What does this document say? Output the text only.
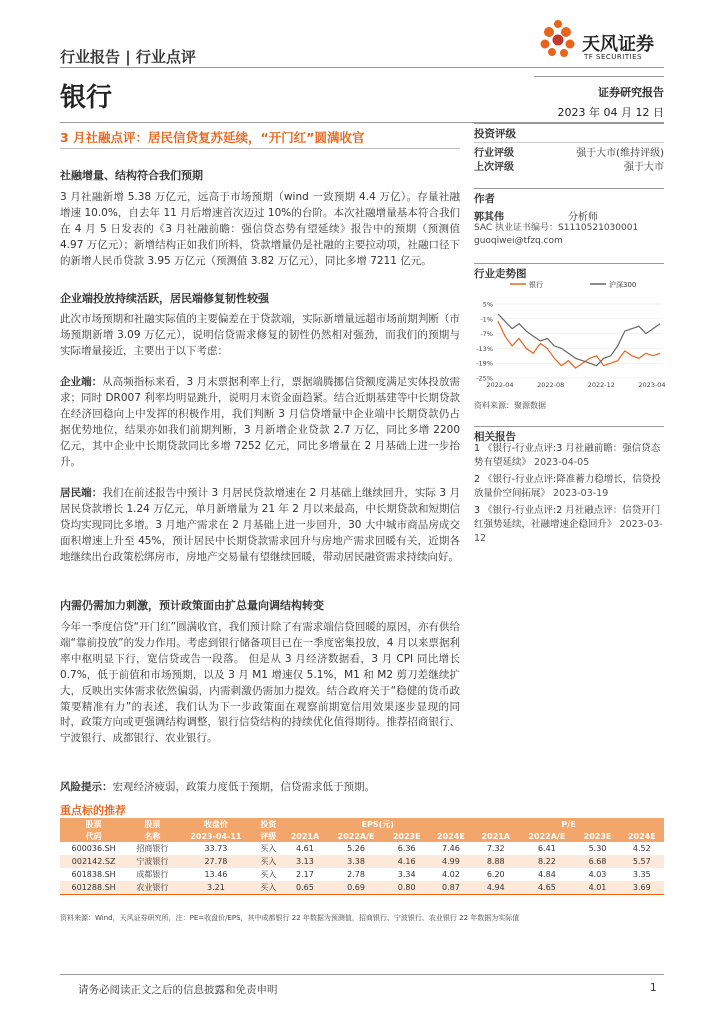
行业报告 | 行业点评
银行
天风证券
TF SECURITIES
证券研究报告
2023 年 04 月 12 日
3 月社融点评：居民信贷复苏延续，“开门红”圆满收官
社融增量、结构符合我们预期
3 月社融新增 5.38 万亿元，远高于市场预期（wind 一致预期 4.4 万亿）。存量社融增速 10.0%，自去年 11 月后增速首次迈过 10%的台阶。本次社融增量基本符合我们在 4 月 5 日发表的《3 月社融前瞻：强信贷态势有望延续》报告中的预期（预测值 4.97 万亿元）；新增结构正如我们所料，贷款增量仍是社融的主要拉动项，社融口径下的新增人民币贷款 3.95 万亿元（预测值 3.82 万亿元），同比多增 7211 亿元。
企业端投放持续活跃，居民端修复韧性较强
此次市场预期和社融实际值的主要偏差在于贷款端，实际新增量远超市场前期判断（市场预期新增 3.09 万亿元），说明信贷需求修复的韧性仍然相对强劲，而我们的预期与实际增量接近，主要出于以下考虑：
企业端：从高频指标来看，3 月末票据利率上行，票据端腾挪信贷额度满足实体投放需求；同时 DR007 利率均明显跳升，说明月末资金面趋紧。结合近期基建等中长期贷款在经济回稳向上中发挥的积极作用，我们判断 3 月信贷增量中企业端中长期贷款仍占据优势地位，结果亦如我们前期判断，3 月新增企业贷款 2.7 万亿，同比多增 2200 亿元，其中企业中长期贷款同比多增 7252 亿元，同比多增量在 2 月基础上进一步抬升。
居民端：我们在前述报告中预计 3 月居民贷款增速在 2 月基础上继续回升，实际 3 月居民贷款增长 1.24 万亿元，单月新增量为 21 年 2 月以来最高，中长期贷款和短期信贷均实现同比多增。3 月地产需求在 2 月基础上进一步回升，30 大中城市商品房成交面积增速上升至 45%，预计居民中长期贷款需求回升与房地产需求回暖有关，近期各地继续出台政策松绑房市，房地产交易量有望继续回暖，带动居民融资需求持续向好。
内需仍需加力刺激，预计政策面由扩总量向调结构转变
今年一季度信贷“开门红”圆满收官，我们预计除了有需求端信贷回暖的原因，亦有供给端“靠前投放”的发力作用。考虑到银行储备项目已在一季度密集投放，4 月以来票据利率中枢明显下行，宽信贷或告一段落。 但是从 3 月经济数据看，3 月 CPI 同比增长 0.7%，低于前值和市场预期，以及 3 月 M1 增速仅 5.1%，M1 和 M2 剪刀差继续扩大，反映出实体需求依然偏弱，内需刺激仍需加力提效。结合政府关于“稳健的货币政策要精准有力”的表述，我们认为下一步政策面在观察前期宽信用效果逐步显现的同时，政策方向或更强调结构调整，银行信贷结构的持续优化值得期待。推荐招商银行、宁波银行、成都银行、农业银行。
风险提示：宏观经济疲弱，政策力度低于预期，信贷需求低于预期。
投资评级
行业评级	强于大市(维持评级)
上次评级	强于大市
作者
郭其伟	分析师
SAC 执业证书编号：S1110521030001
guoqiwei@tfzq.com
行业走势图
5%
-1%
-7%
-13%
-19%
-25%
2022-04	2022-08	2022-12	2023-04
银行	沪深300
资料来源：聚源数据
相关报告
1 《银行-行业点评:3 月社融前瞻：强信贷态势有望延续》 2023-04-05
2 《银行-行业点评:降准蓄力稳增长，信贷投放量价空间拓展》 2023-03-19
3 《银行-行业点评:2 月社融点评：信贷开门红强势延续，社融增速企稳回升》 2023-03-12
重点标的推荐
股票	股票	收盘价	投资	EPS(元)				P/E			
代码	名称	2023-04-11	评级	2021A	2022A/E	2023E	2024E	2021A	2022A/E	2023E	2024E
600036.SH	招商银行	33.73	买入	4.61	5.26	6.36	7.46	7.32	6.41	5.30	4.52
002142.SZ	宁波银行	27.78	买入	3.13	3.38	4.16	4.99	8.88	8.22	6.68	5.57
601838.SH	成都银行	13.46	买入	2.17	2.78	3.34	4.02	6.20	4.84	4.03	3.35
601288.SH	农业银行	3.21	买入	0.65	0.69	0.80	0.87	4.94	4.65	4.01	3.69
资料来源：Wind，天风证券研究所，注：PE=收盘价/EPS，其中成都银行 22 年数据为预测值，招商银行、宁波银行、农业银行 22 年数据为实际值
请务必阅读正文之后的信息披露和免责申明	1
